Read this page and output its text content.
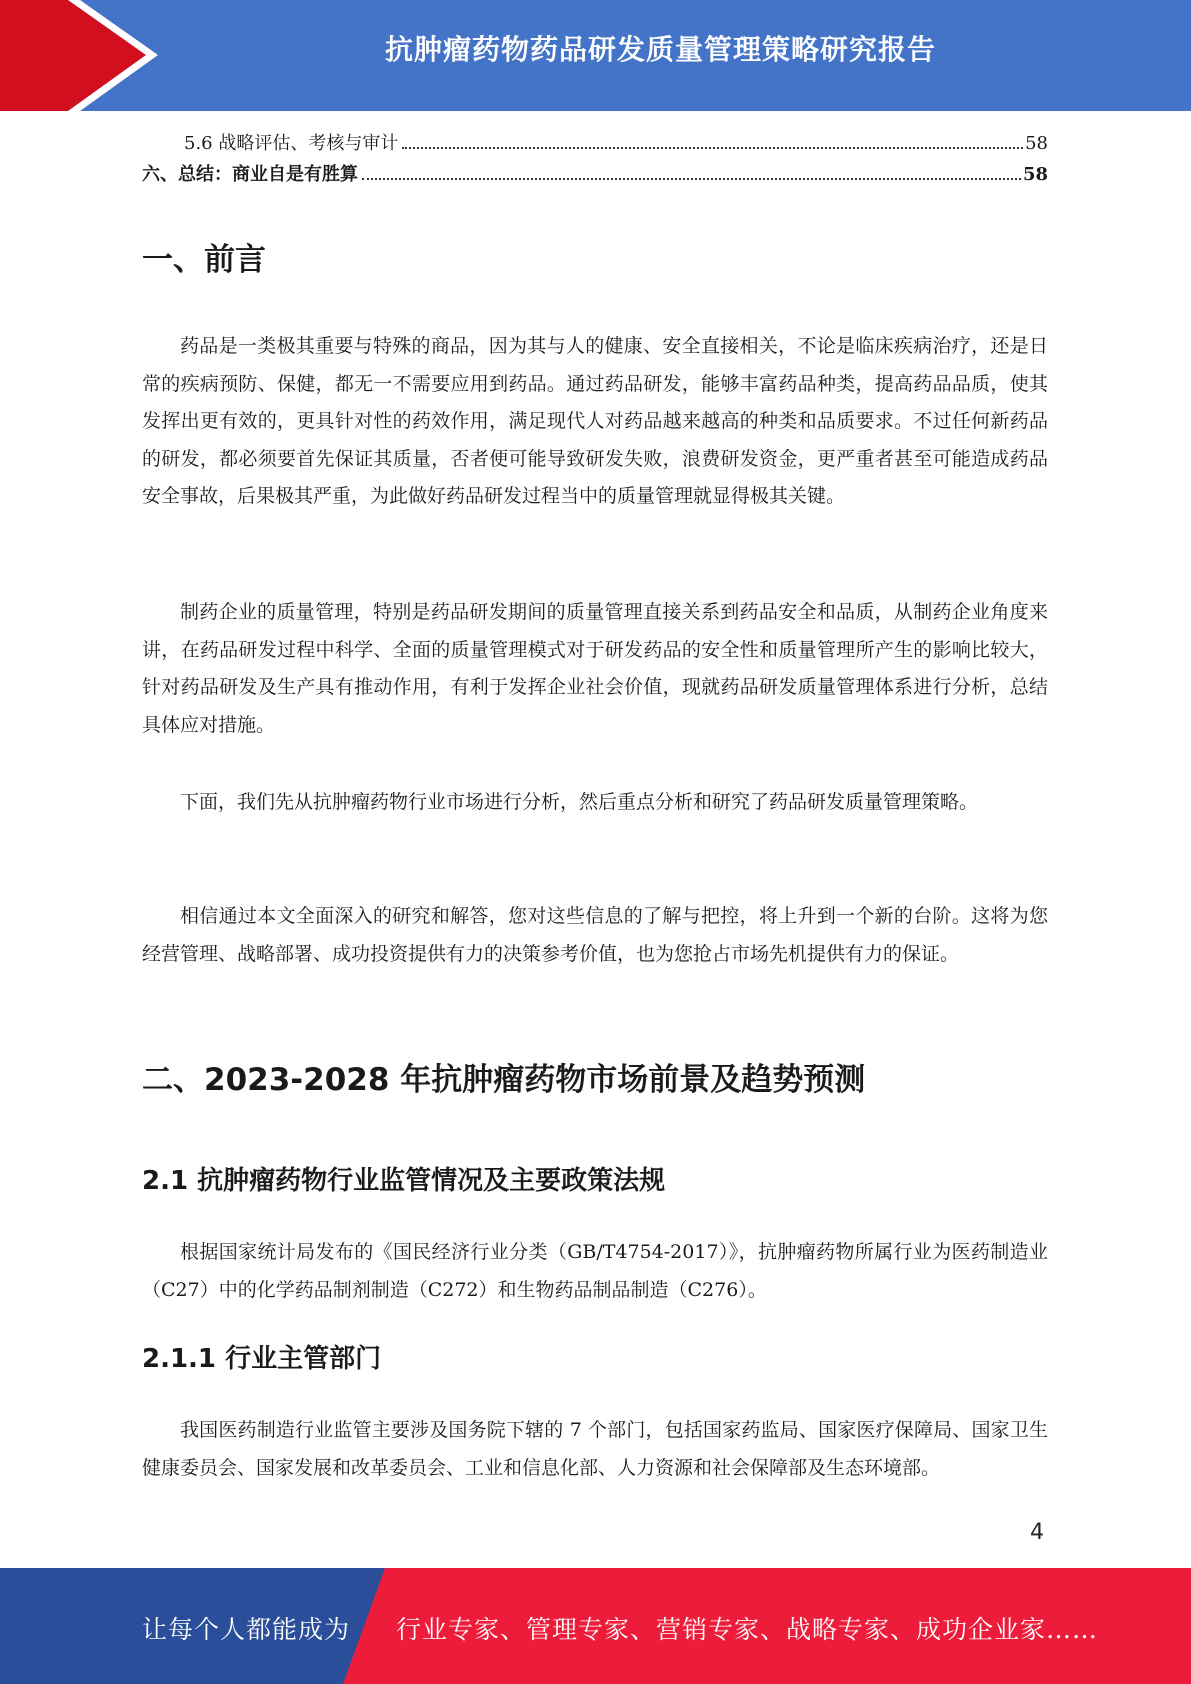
抗肿瘤药物药品研发质量管理策略研究报告
5.6 战略评估、考核与审计	58
六、总结：商业自是有胜算	58
一、前言

药品是一类极其重要与特殊的商品，因为其与人的健康、安全直接相关，不论是临床疾病治疗，还是日常的疾病预防、保健，都无一不需要应用到药品。通过药品研发，能够丰富药品种类，提高药品品质，使其发挥出更有效的，更具针对性的药效作用，满足现代人对药品越来越高的种类和品质要求。不过任何新药品的研发，都必须要首先保证其质量，否者便可能导致研发失败，浪费研发资金，更严重者甚至可能造成药品安全事故，后果极其严重，为此做好药品研发过程当中的质量管理就显得极其关键。

制药企业的质量管理，特别是药品研发期间的质量管理直接关系到药品安全和品质，从制药企业角度来讲，在药品研发过程中科学、全面的质量管理模式对于研发药品的安全性和质量管理所产生的影响比较大，针对药品研发及生产具有推动作用，有利于发挥企业社会价值，现就药品研发质量管理体系进行分析，总结具体应对措施。

下面，我们先从抗肿瘤药物行业市场进行分析，然后重点分析和研究了药品研发质量管理策略。

相信通过本文全面深入的研究和解答，您对这些信息的了解与把控，将上升到一个新的台阶。这将为您经营管理、战略部署、成功投资提供有力的决策参考价值，也为您抢占市场先机提供有力的保证。

二、2023-2028 年抗肿瘤药物市场前景及趋势预测
2.1 抗肿瘤药物行业监管情况及主要政策法规

根据国家统计局发布的《国民经济行业分类（GB/T4754-2017）》，抗肿瘤药物所属行业为医药制造业（C27）中的化学药品制剂制造（C272）和生物药品制品制造（C276）。

2.1.1 行业主管部门

我国医药制造行业监管主要涉及国务院下辖的 7 个部门，包括国家药监局、国家医疗保障局、国家卫生健康委员会、国家发展和改革委员会、工业和信息化部、人力资源和社会保障部及生态环境部。

4
让每个人都能成为 行业专家、管理专家、营销专家、战略专家、成功企业家……
